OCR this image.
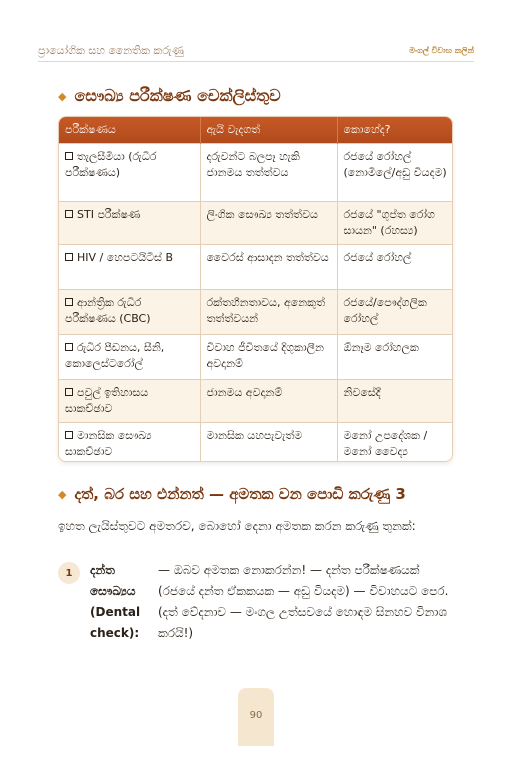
ප්‍රායෝගික සහ නෛතික කරුණු	මංගල් විවාහ කලින්
◆ සෞඛ්‍ය පරීක්ෂණ චෙක්ලිස්තුව
පරීක්ෂණය	ඇයි වැදගත්	කොහේද?
තැලසීමියා (රුධිර පරීක්ෂණය)	දරුවන්ට බලපෑ හැකි ජානමය තත්ත්වය	රජයේ රෝහල් (නොමිලේ/අඩු වියදම)
STI පරීක්ෂණ	ලිංගික සෞඛ්‍ය තත්ත්වය	රජයේ "ගුප්ත රෝග සායන" (රහස්‍ය)
HIV / හෙපටයිටිස් B	වෛරස් ආසාදන තත්ත්වය	රජයේ රෝහල්
ආන්ත්‍රික රුධිර පරීක්ෂණය (CBC)	රක්තහීනතාවය, අනෙකුත් තත්ත්වයන්	රජයේ/පෞද්ගලික රෝහල්
රුධිර පීඩනය, සීනි, කොලෙස්ටරෝල්	විවාහ ජීවිතයේ දිගුකාලීන අවදානම්	ඕනෑම රෝහලක
පවුල් ඉතිහාසය සාකච්ඡාව	ජානමය අවදානම්	නිවසේදී
මානසික සෞඛ්‍ය සාකච්ඡාව	මානසික යහපැවැත්ම	මනෝ උපදේශක / මනෝ වෛද්‍ය
◆ දත්, බර සහ එන්නත් — අමතක වන පොඩි කරුණු 3

ඉහත ලැයිස්තුවට අමතරව, බොහෝ දෙනා අමතක කරන කරුණු තුනක්:

1	දන්ත සෞඛ්‍යය (Dental check):
— ඔබව අමතක නොකරන්න! — දන්ත පරීක්ෂණයක් (රජයේ දන්ත ඒකකයක — අඩු වියදම) — විවාහයට පෙර. (දත් වේදනාව — මංගල උත්සවයේ හොඳම සිනහව විනාශ කරයි!)
90
